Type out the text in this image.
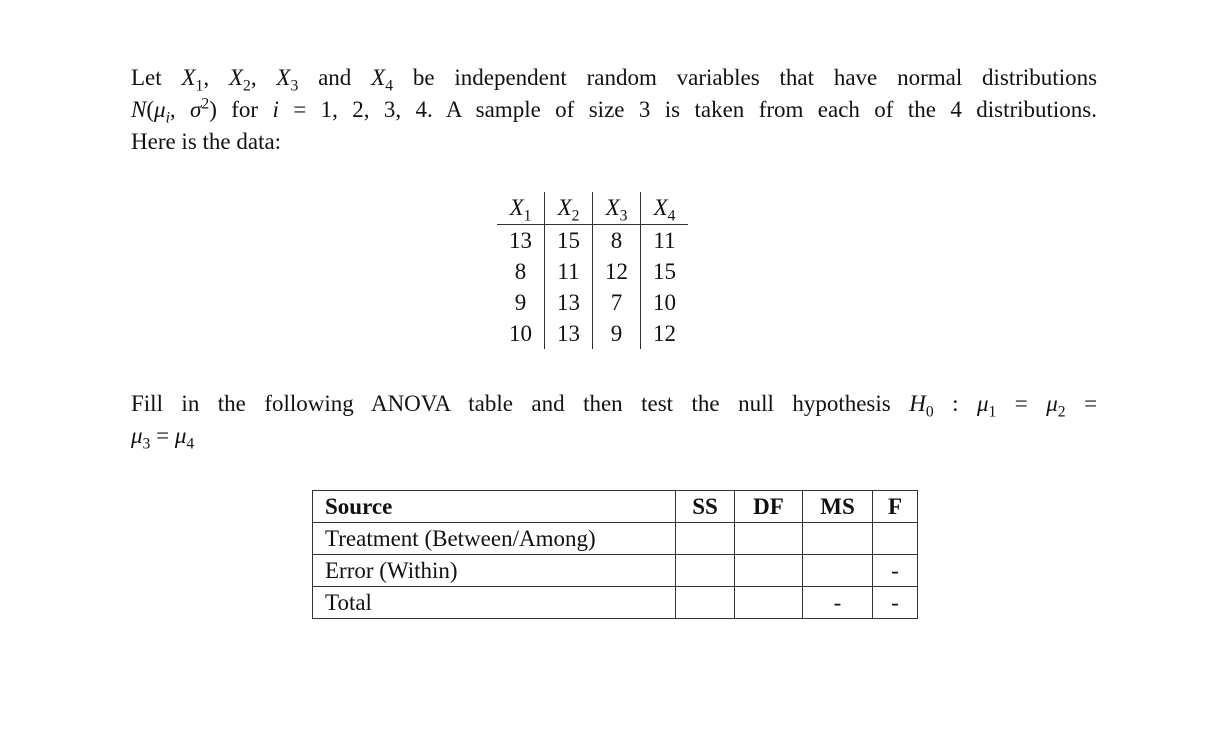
Let $X_1$, $X_2$, $X_3$ and $X_4$ be independent random variables that have normal distributions
$N(\mu_i$, $\sigma^2$) for i = 1, 2, 3, 4. A sample of size 3 is taken from each of the 4 distributions.
Here is the data:
$X_1$	$X_2$	$X_3$	$X_4$
13	15	8	11
8	11	12	15
9	13	7	10
10	13	9	12
Fill in the following ANOVA table and then test the null hypothesis $H_0$ : $\mu_1 = \mu_2$ =
$\mu_3 = \mu_4$
Source	SS	DF	MS	F
Treatment (Between/Among)				
Error (Within)				-
Total			-	-
